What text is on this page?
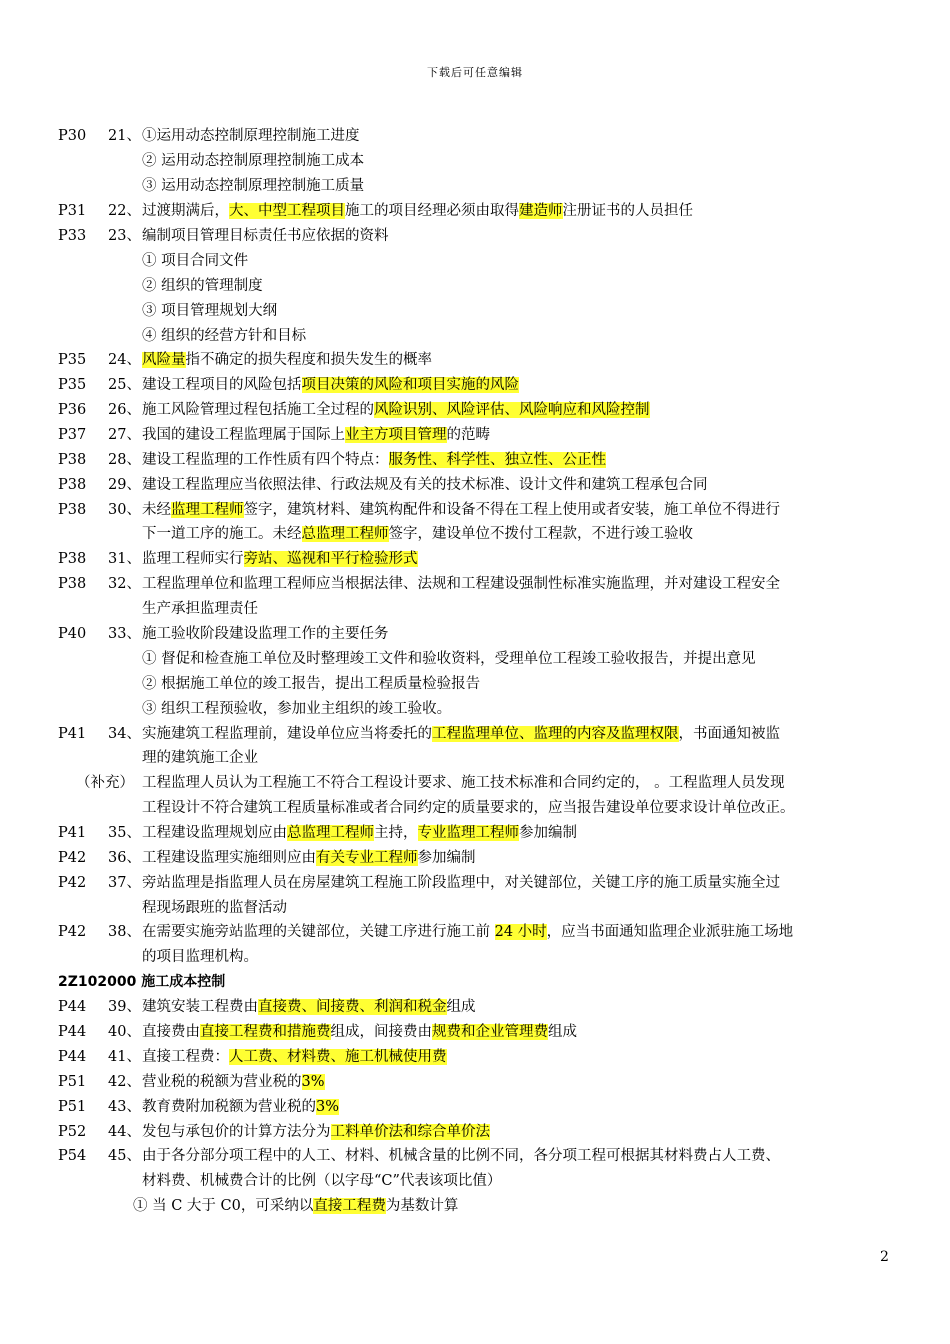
下载后可任意编辑
P30	21、 ①运用动态控制原理控制施工进度
② 运用动态控制原理控制施工成本
③ 运用动态控制原理控制施工质量
P31	22、 过渡期满后，大、中型工程项目施工的项目经理必须由取得建造师注册证书的人员担任
P33	23、 编制项目管理目标责任书应依据的资料
① 项目合同文件
② 组织的管理制度
③ 项目管理规划大纲
④ 组织的经营方针和目标
P35	24、 风险量指不确定的损失程度和损失发生的概率
P35	25、 建设工程项目的风险包括项目决策的风险和项目实施的风险
P36	26、 施工风险管理过程包括施工全过程的风险识别、风险评估、风险响应和风险控制
P37	27、 我国的建设工程监理属于国际上业主方项目管理的范畴
P38	28、 建设工程监理的工作性质有四个特点：服务性、科学性、独立性、公正性
P38	29、 建设工程监理应当依照法律、行政法规及有关的技术标准、设计文件和建筑工程承包合同
P38	30、 未经监理工程师签字，建筑材料、建筑构配件和设备不得在工程上使用或者安装，施工单位不得进行
下一道工序的施工。未经总监理工程师签字，建设单位不拨付工程款，不进行竣工验收
P38	31、 监理工程师实行旁站、巡视和平行检验形式
P38	32、 工程监理单位和监理工程师应当根据法律、法规和工程建设强制性标准实施监理，并对建设工程安全
生产承担监理责任
P40	33、 施工验收阶段建设监理工作的主要任务
① 督促和检查施工单位及时整理竣工文件和验收资料，受理单位工程竣工验收报告，并提出意见
② 根据施工单位的竣工报告，提出工程质量检验报告
③ 组织工程预验收，参加业主组织的竣工验收。
P41	34、 实施建筑工程监理前，建设单位应当将委托的工程监理单位、监理的内容及监理权限，书面通知被监
理的建筑施工企业
（补充） 工程监理人员认为工程施工不符合工程设计要求、施工技术标准和合同约定的， 。工程监理人员发现
工程设计不符合建筑工程质量标准或者合同约定的质量要求的，应当报告建设单位要求设计单位改正。
P41	35、 工程建设监理规划应由总监理工程师主持，专业监理工程师参加编制
P42	36、 工程建设监理实施细则应由有关专业工程师参加编制
P42	37、 旁站监理是指监理人员在房屋建筑工程施工阶段监理中，对关键部位，关键工序的施工质量实施全过
程现场跟班的监督活动
P42	38、 在需要实施旁站监理的关键部位，关键工序进行施工前 24 小时，应当书面通知监理企业派驻施工场地
的项目监理机构。
2Z102000 施工成本控制
P44	39、 建筑安装工程费由直接费、间接费、利润和税金组成
P44	40、 直接费由直接工程费和措施费组成，间接费由规费和企业管理费组成
P44	41、 直接工程费：人工费、材料费、施工机械使用费
P51	42、 营业税的税额为营业税的3%
P51	43、 教育费附加税额为营业税的3%
P52	44、 发包与承包价的计算方法分为工料单价法和综合单价法
P54	45、 由于各分部分项工程中的人工、材料、机械含量的比例不同，各分项工程可根据其材料费占人工费、
材料费、机械费合计的比例（以字母“C”代表该项比值）
① 当 C 大于 C0，可采纳以直接工程费为基数计算
2
